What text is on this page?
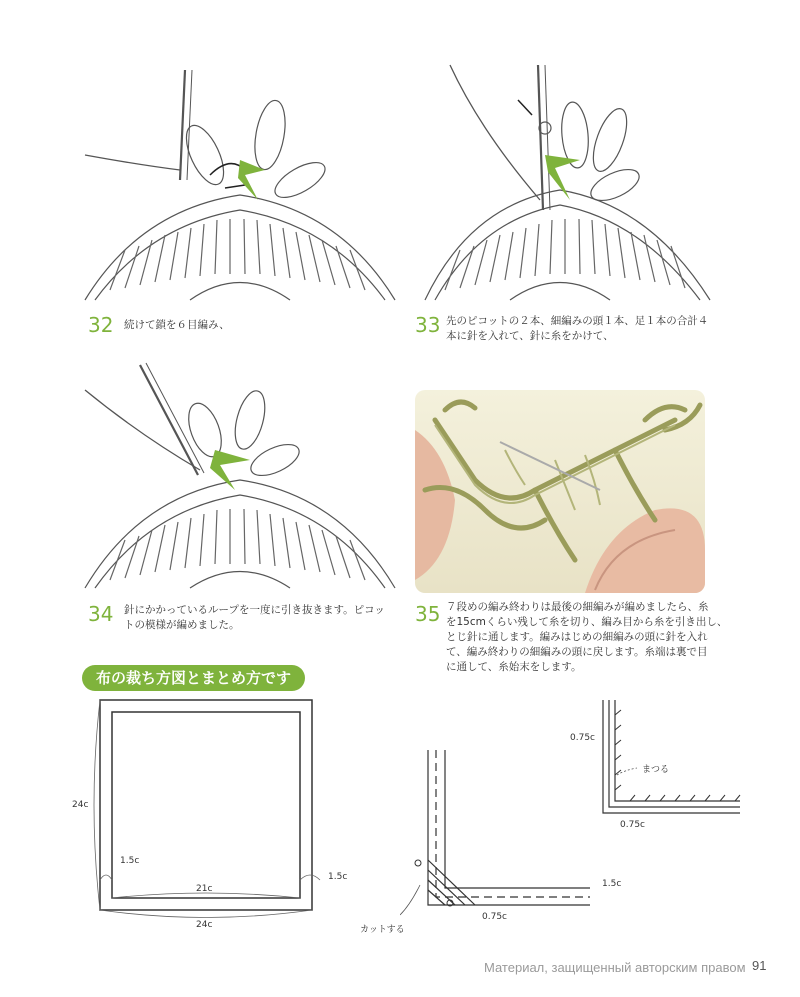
32 続けて鎖を６目編み、	33 先のピコットの２本、細編みの頭１本、足１本の合計４
本に針を入れて、針に糸をかけて、
34 針にかかっているループを一度に引き抜きます。ピコッ
トの模様が編めました。	35 ７段めの編み終わりは最後の細編みが編めましたら、糸
を15cmくらい残して糸を切り、編み目から糸を引き出し、
とじ針に通します。編みはじめの細編みの頭に針を入れ
て、編み終わりの細編みの頭に戻します。糸端は裏で目
に通して、糸始末をします。
布の裁ち方図とまとめ方です
24c
1.5c
21c
1.5c
24c
1.5c
0.75c
カットする
0.75c
まつる
0.75c
Материал, защищенный авторским правом 91
